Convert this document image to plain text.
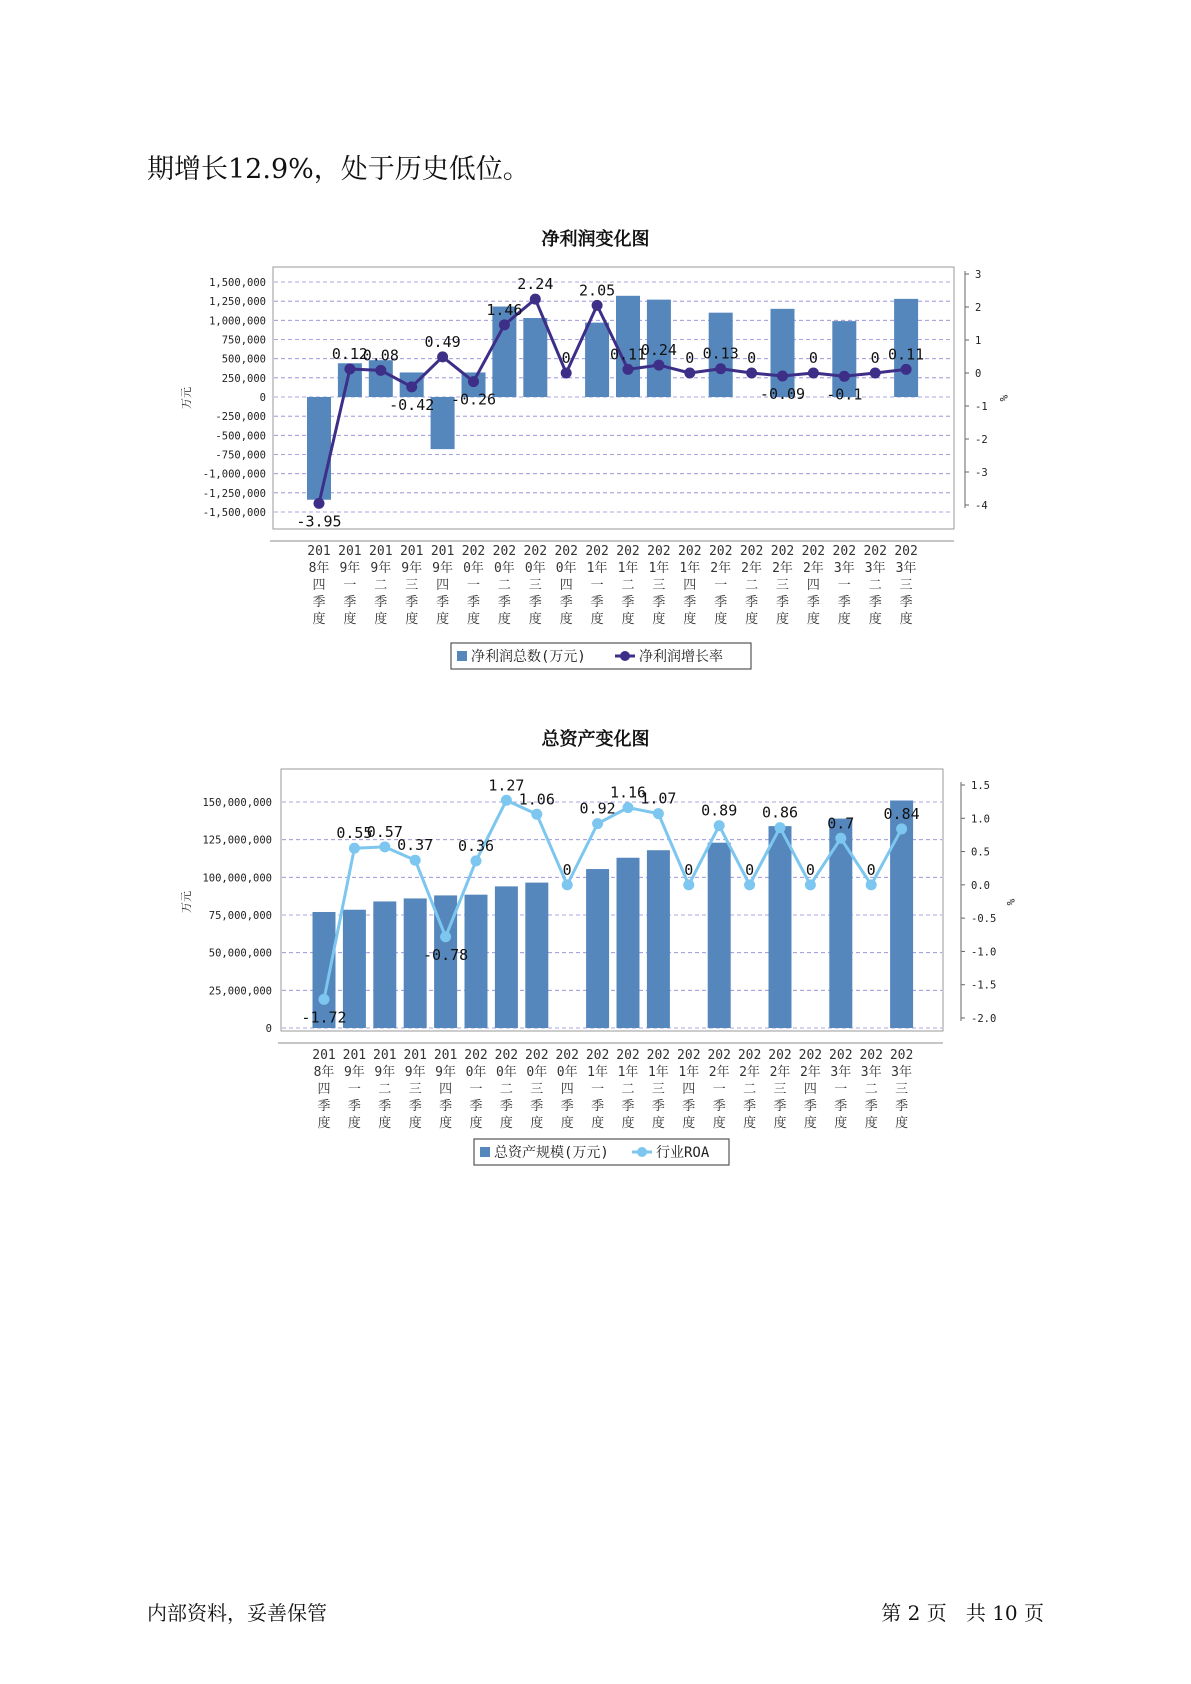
期增长12.9%，处于历史低位。

净利润变化图
1,500,000
1,250,000
1,000,000
750,000
500,000
250,000
0
-250,000
-500,000
-750,000
-1,000,000
-1,250,000
-1,500,000
3
2
1
0
-1
-2
-3
-4
万元	%
-3.95
0.12
0.08
-0.42
0.49
-0.26
1.46
2.24
0
2.05
0.11
0.24 0 0.13 0
-0.09
0
-0.1
0 0.11
201
8年
四
季
度
201
9年
一
季
度
201
9年
二
季
度
201
9年
三
季
度
201
9年
四
季
度
202
0年
一
季
度
202
0年
二
季
度
202
0年
三
季
度
202
0年
四
季
度
202
1年
一
季
度
202
1年
二
季
度
202
1年
三
季
度
202
1年
四
季
度
202
2年
一
季
度
202
2年
二
季
度
202
2年
三
季
度
202
2年
四
季
度
202
3年
一
季
度
202
3年
二
季
度
202
3年
三
季
度
净利润总数(万元)	净利润增长率
总资产变化图
150,000,000
125,000,000
100,000,000
75,000,000
50,000,000
25,000,000
0
1.5
1.0
0.5
0.0
-0.5
-1.0
-1.5
-2.0
万元	%
-1.72
0.55
0.57
0.37
-0.78
0.36
1.27
1.06
0
0.92
1.16
1.07
0
0.89
0
0.86
0
0.7
0
0.84
201
8年
四
季
度
201
9年
一
季
度
201
9年
二
季
度
201
9年
三
季
度
201
9年
四
季
度
202
0年
一
季
度
202
0年
二
季
度
202
0年
三
季
度
202
0年
四
季
度
202
1年
一
季
度
202
1年
二
季
度
202
1年
三
季
度
202
1年
四
季
度
202
2年
一
季
度
202
2年
二
季
度
202
2年
三
季
度
202
2年
四
季
度
202
3年
一
季
度
202
3年
二
季
度
202
3年
三
季
度
总资产规模(万元)	行业ROA
内部资料，妥善保管	第 2 页 共 10 页
